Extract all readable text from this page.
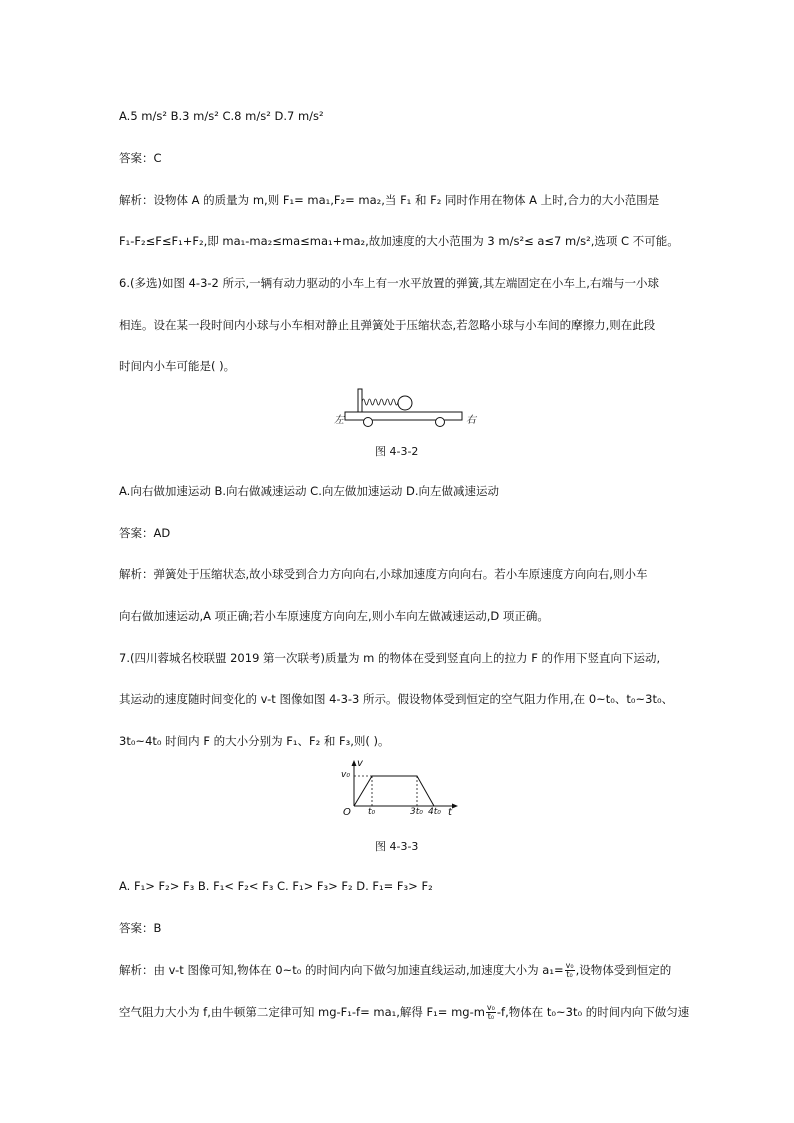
A.5 m/s² B.3 m/s² C.8 m/s² D.7 m/s²
答案：C
解析：设物体 A 的质量为 m,则 F₁= ma₁,F₂= ma₂,当 F₁ 和 F₂ 同时作用在物体 A 上时,合力的大小范围是
F₁-F₂≤F≤F₁+F₂,即 ma₁-ma₂≤ma≤ma₁+ma₂,故加速度的大小范围为 3 m/s²≤ a≤7 m/s²,选项 C 不可能。
6.(多选)如图 4-3-2 所示,一辆有动力驱动的小车上有一水平放置的弹簧,其左端固定在小车上,右端与一小球
相连。设在某一段时间内小球与小车相对静止且弹簧处于压缩状态,若忽略小球与小车间的摩擦力,则在此段
时间内小车可能是( )。
左	右
图 4-3-2
A.向右做加速运动 B.向右做减速运动 C.向左做加速运动 D.向左做减速运动
答案：AD
解析：弹簧处于压缩状态,故小球受到合力方向向右,小球加速度方向向右。若小车原速度方向向右,则小车
向右做加速运动,A 项正确;若小车原速度方向向左,则小车向左做减速运动,D 项正确。
7.(四川蓉城名校联盟 2019 第一次联考)质量为 m 的物体在受到竖直向上的拉力 F 的作用下竖直向下运动,
其运动的速度随时间变化的 v-t 图像如图 4-3-3 所示。假设物体受到恒定的空气阻力作用,在 0~t₀、t₀~3t₀、
3t₀~4t₀ 时间内 F 的大小分别为 F₁、F₂ 和 F₃,则( )。
v
v₀
O t₀	3t₀ 4t₀ t
图 4-3-3
A. F₁> F₂> F₃ B. F₁< F₂< F₃ C. F₁> F₃> F₂ D. F₁= F₃> F₂
答案：B
解析：由 v-t 图像可知,物体在 0~t₀ 的时间内向下做匀加速直线运动,加速度大小为 $a_1= \frac{\text{v₀}}{\text{t₀}}$ ,设物体受到恒定的
空气阻力大小为 f,由牛顿第二定律可知 mg-F₁-f= ma₁,解得 $F_1= mg-m \frac{\text{v₀}}{\text{t₀}} -f$,物体在 t₀~3t₀ 的时间内向下做匀速
